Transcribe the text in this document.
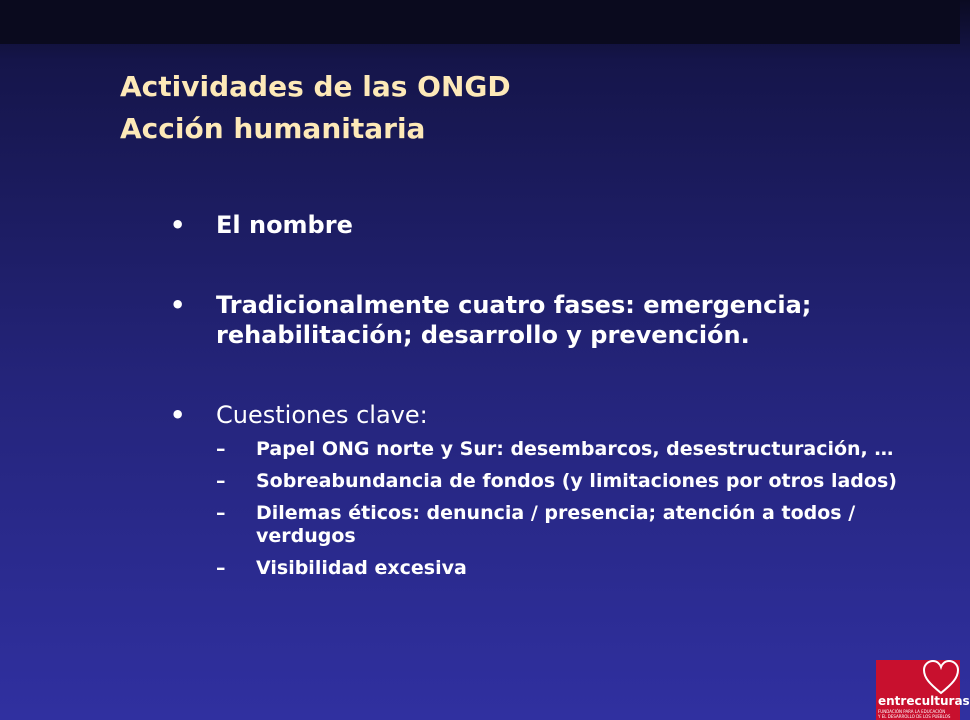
Actividades de las ONGD
Acción humanitaria
• El nombre
• Tradicionalmente cuatro fases: emergencia; rehabilitación; desarrollo y prevención.
• Cuestiones clave:
– Papel ONG norte y Sur: desembarcos, desestructuración, …
– Sobreabundancia de fondos (y limitaciones por otros lados)
– Dilemas éticos: denuncia / presencia; atención a todos / verdugos
– Visibilidad excesiva
entreculturas
FUNDACIÓN PARA LA EDUCACIÓN
Y EL DESARROLLO DE LOS PUEBLOS
